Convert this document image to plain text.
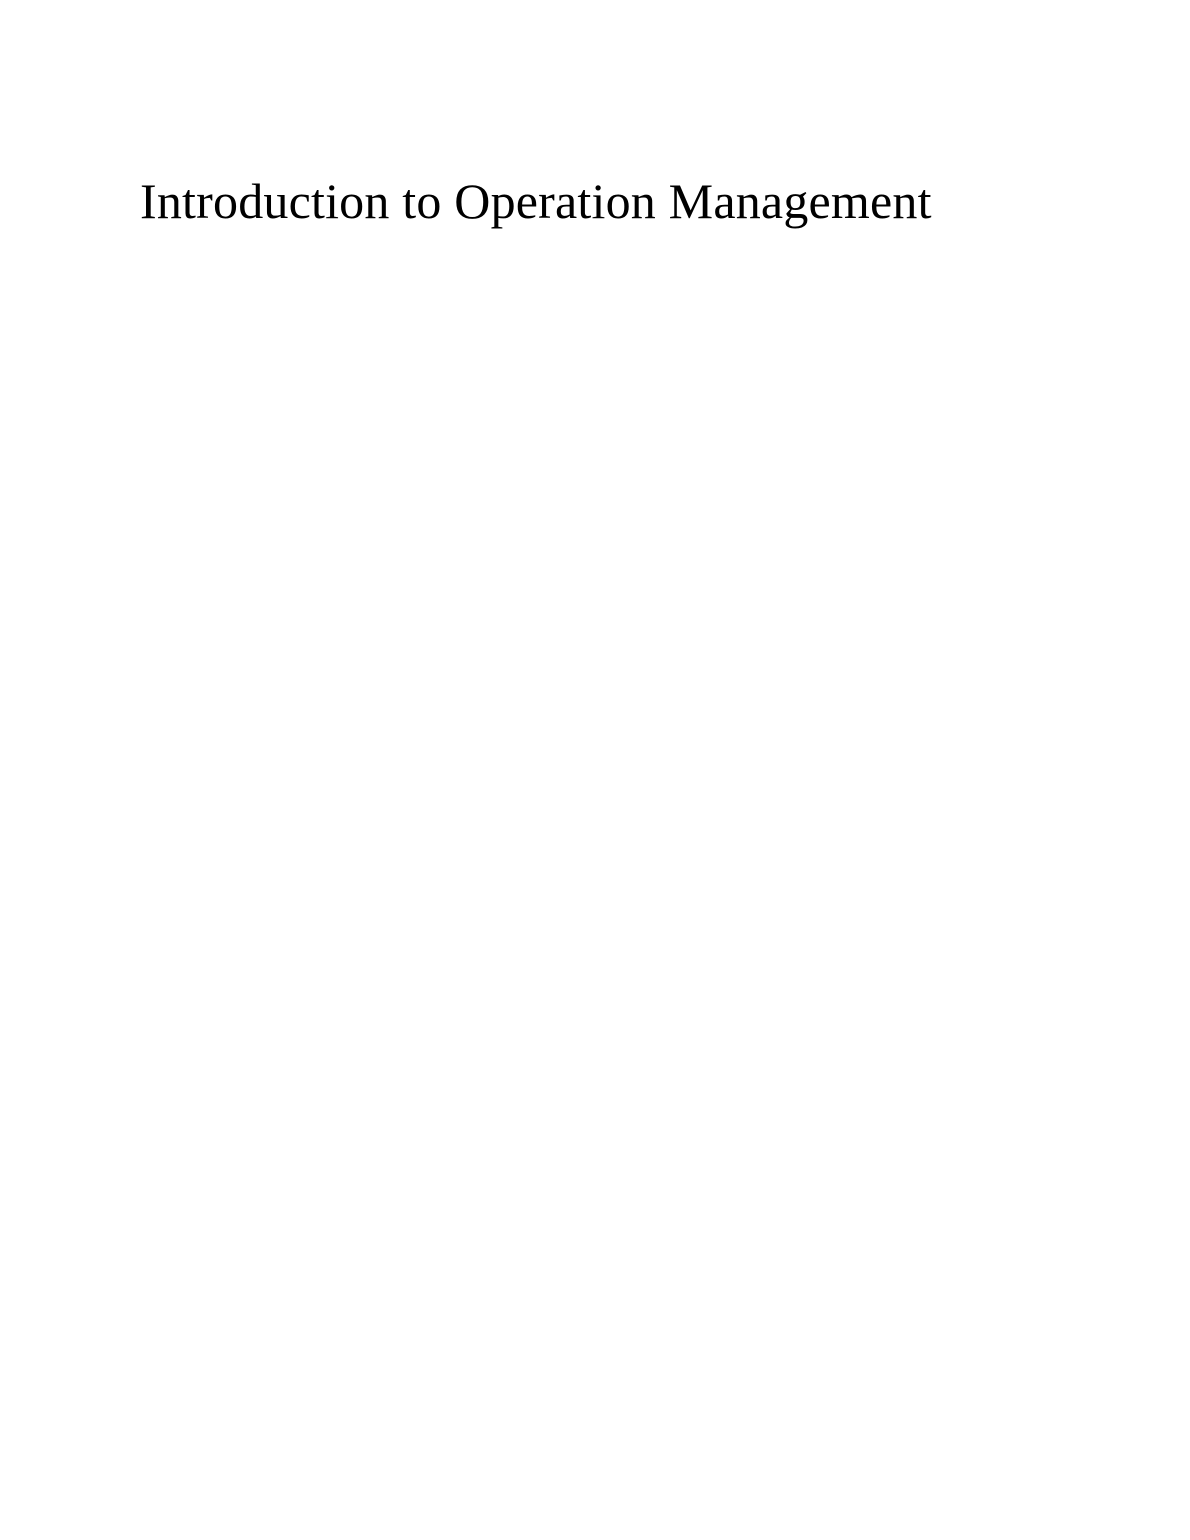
Introduction to Operation Management
